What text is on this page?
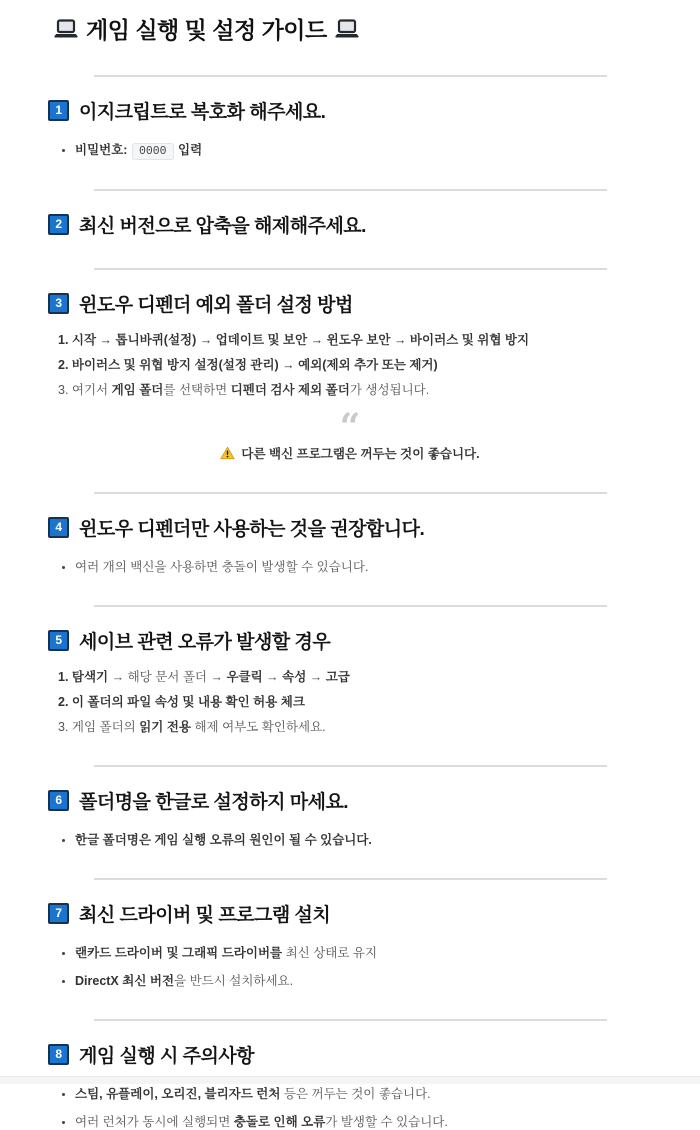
게임 실행 및 설정 가이드
1 이지크립트로 복호화 해주세요.
비밀번호: 0000 입력
2 최신 버전으로 압축을 해제해주세요.
3 윈도우 디펜더 예외 폴더 설정 방법
1. 시작 → 톱니바퀴(설정) → 업데이트 및 보안 → 윈도우 보안 → 바이러스 및 위협 방지
2. 바이러스 및 위협 방지 설정(설정 관리) → 예외(제외 추가 또는 제거)
3. 여기서 게임 폴더를 선택하면 디펜더 검사 제외 폴더가 생성됩니다.
“
다른 백신 프로그램은 꺼두는 것이 좋습니다.
4 윈도우 디펜더만 사용하는 것을 권장합니다.
여러 개의 백신을 사용하면 충돌이 발생할 수 있습니다.
5 세이브 관련 오류가 발생할 경우
1. 탐색기 → 해당 문서 폴더 → 우클릭 → 속성 → 고급
2. 이 폴더의 파일 속성 및 내용 확인 허용 체크
3. 게임 폴더의 읽기 전용 해제 여부도 확인하세요.
6 폴더명을 한글로 설정하지 마세요.
한글 폴더명은 게임 실행 오류의 원인이 될 수 있습니다.
7 최신 드라이버 및 프로그램 설치
랜카드 드라이버 및 그래픽 드라이버를 최신 상태로 유지
DirectX 최신 버전을 반드시 설치하세요.
8 게임 실행 시 주의사항
스팀, 유플레이, 오리진, 블리자드 런처 등은 꺼두는 것이 좋습니다.
여러 런처가 동시에 실행되면 충돌로 인해 오류가 발생할 수 있습니다.
